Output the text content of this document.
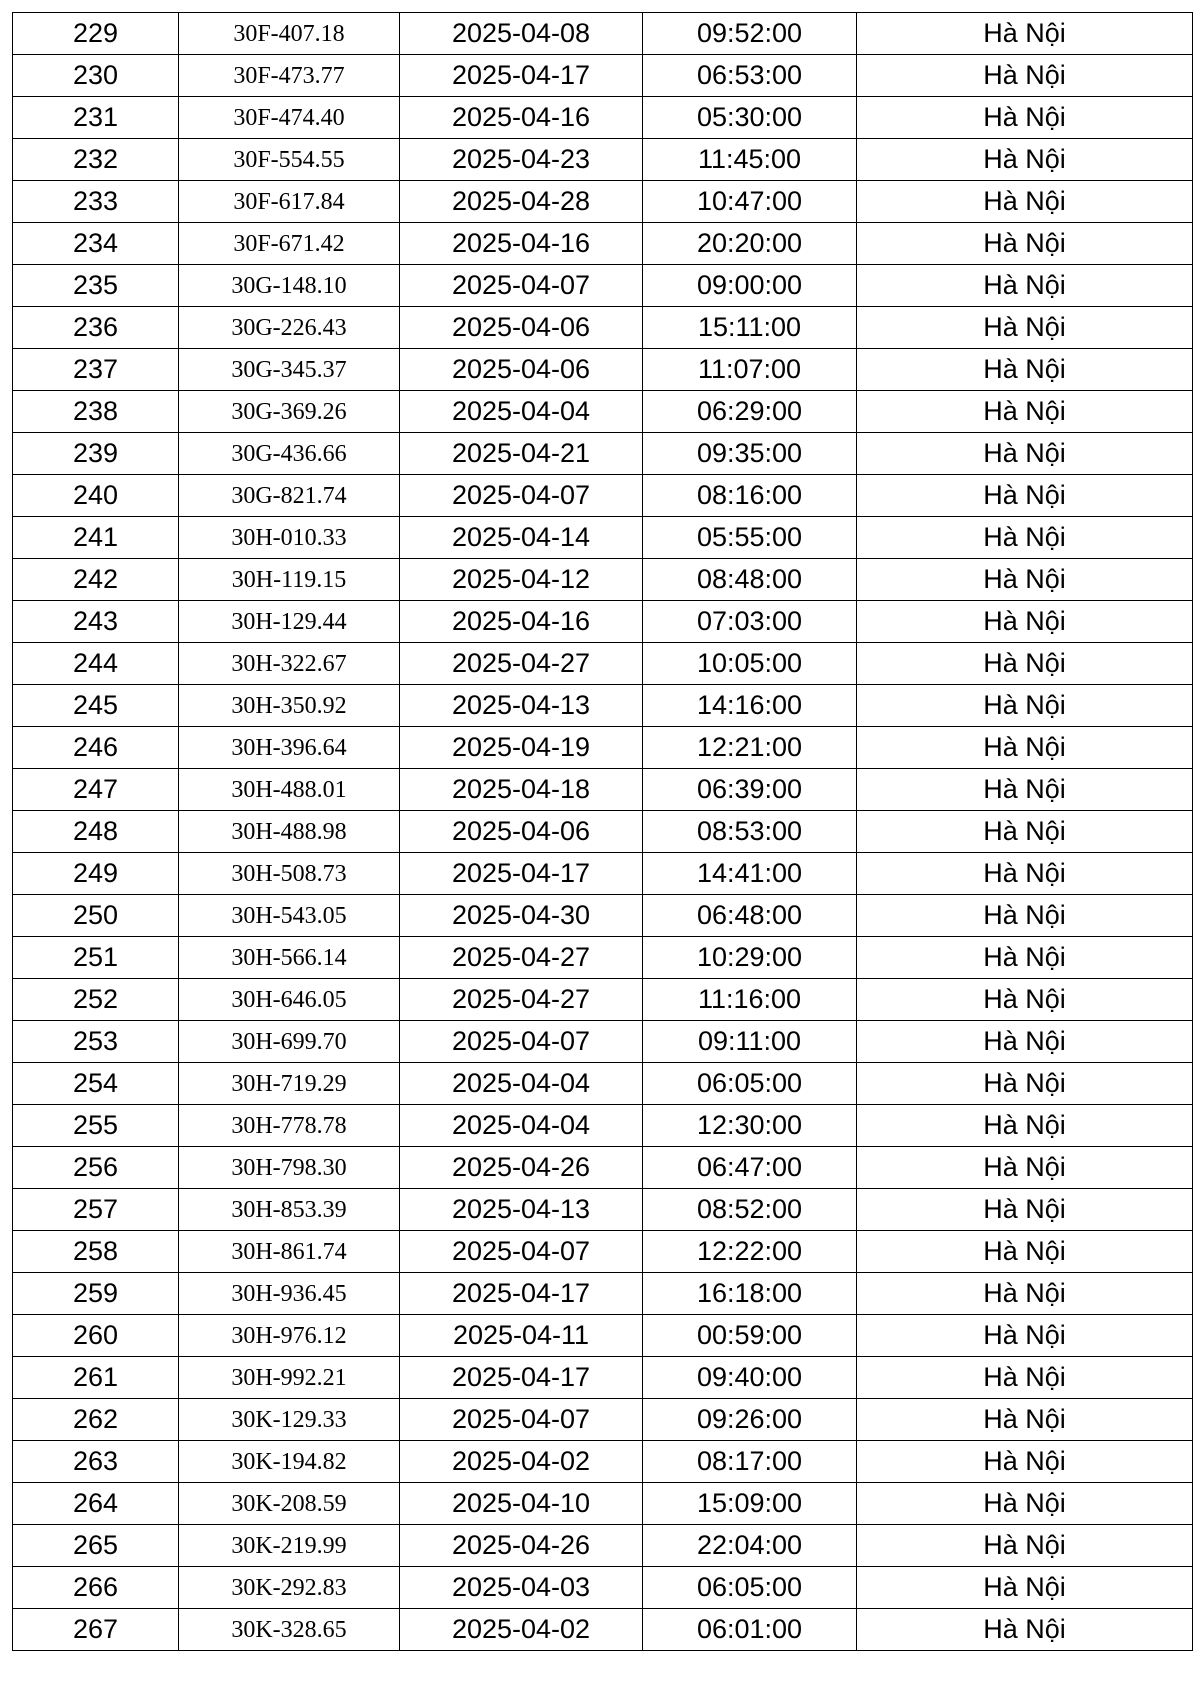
229	30F-407.18	2025-04-08	09:52:00	Hà Nội
230	30F-473.77	2025-04-17	06:53:00	Hà Nội
231	30F-474.40	2025-04-16	05:30:00	Hà Nội
232	30F-554.55	2025-04-23	11:45:00	Hà Nội
233	30F-617.84	2025-04-28	10:47:00	Hà Nội
234	30F-671.42	2025-04-16	20:20:00	Hà Nội
235	30G-148.10	2025-04-07	09:00:00	Hà Nội
236	30G-226.43	2025-04-06	15:11:00	Hà Nội
237	30G-345.37	2025-04-06	11:07:00	Hà Nội
238	30G-369.26	2025-04-04	06:29:00	Hà Nội
239	30G-436.66	2025-04-21	09:35:00	Hà Nội
240	30G-821.74	2025-04-07	08:16:00	Hà Nội
241	30H-010.33	2025-04-14	05:55:00	Hà Nội
242	30H-119.15	2025-04-12	08:48:00	Hà Nội
243	30H-129.44	2025-04-16	07:03:00	Hà Nội
244	30H-322.67	2025-04-27	10:05:00	Hà Nội
245	30H-350.92	2025-04-13	14:16:00	Hà Nội
246	30H-396.64	2025-04-19	12:21:00	Hà Nội
247	30H-488.01	2025-04-18	06:39:00	Hà Nội
248	30H-488.98	2025-04-06	08:53:00	Hà Nội
249	30H-508.73	2025-04-17	14:41:00	Hà Nội
250	30H-543.05	2025-04-30	06:48:00	Hà Nội
251	30H-566.14	2025-04-27	10:29:00	Hà Nội
252	30H-646.05	2025-04-27	11:16:00	Hà Nội
253	30H-699.70	2025-04-07	09:11:00	Hà Nội
254	30H-719.29	2025-04-04	06:05:00	Hà Nội
255	30H-778.78	2025-04-04	12:30:00	Hà Nội
256	30H-798.30	2025-04-26	06:47:00	Hà Nội
257	30H-853.39	2025-04-13	08:52:00	Hà Nội
258	30H-861.74	2025-04-07	12:22:00	Hà Nội
259	30H-936.45	2025-04-17	16:18:00	Hà Nội
260	30H-976.12	2025-04-11	00:59:00	Hà Nội
261	30H-992.21	2025-04-17	09:40:00	Hà Nội
262	30K-129.33	2025-04-07	09:26:00	Hà Nội
263	30K-194.82	2025-04-02	08:17:00	Hà Nội
264	30K-208.59	2025-04-10	15:09:00	Hà Nội
265	30K-219.99	2025-04-26	22:04:00	Hà Nội
266	30K-292.83	2025-04-03	06:05:00	Hà Nội
267	30K-328.65	2025-04-02	06:01:00	Hà Nội
